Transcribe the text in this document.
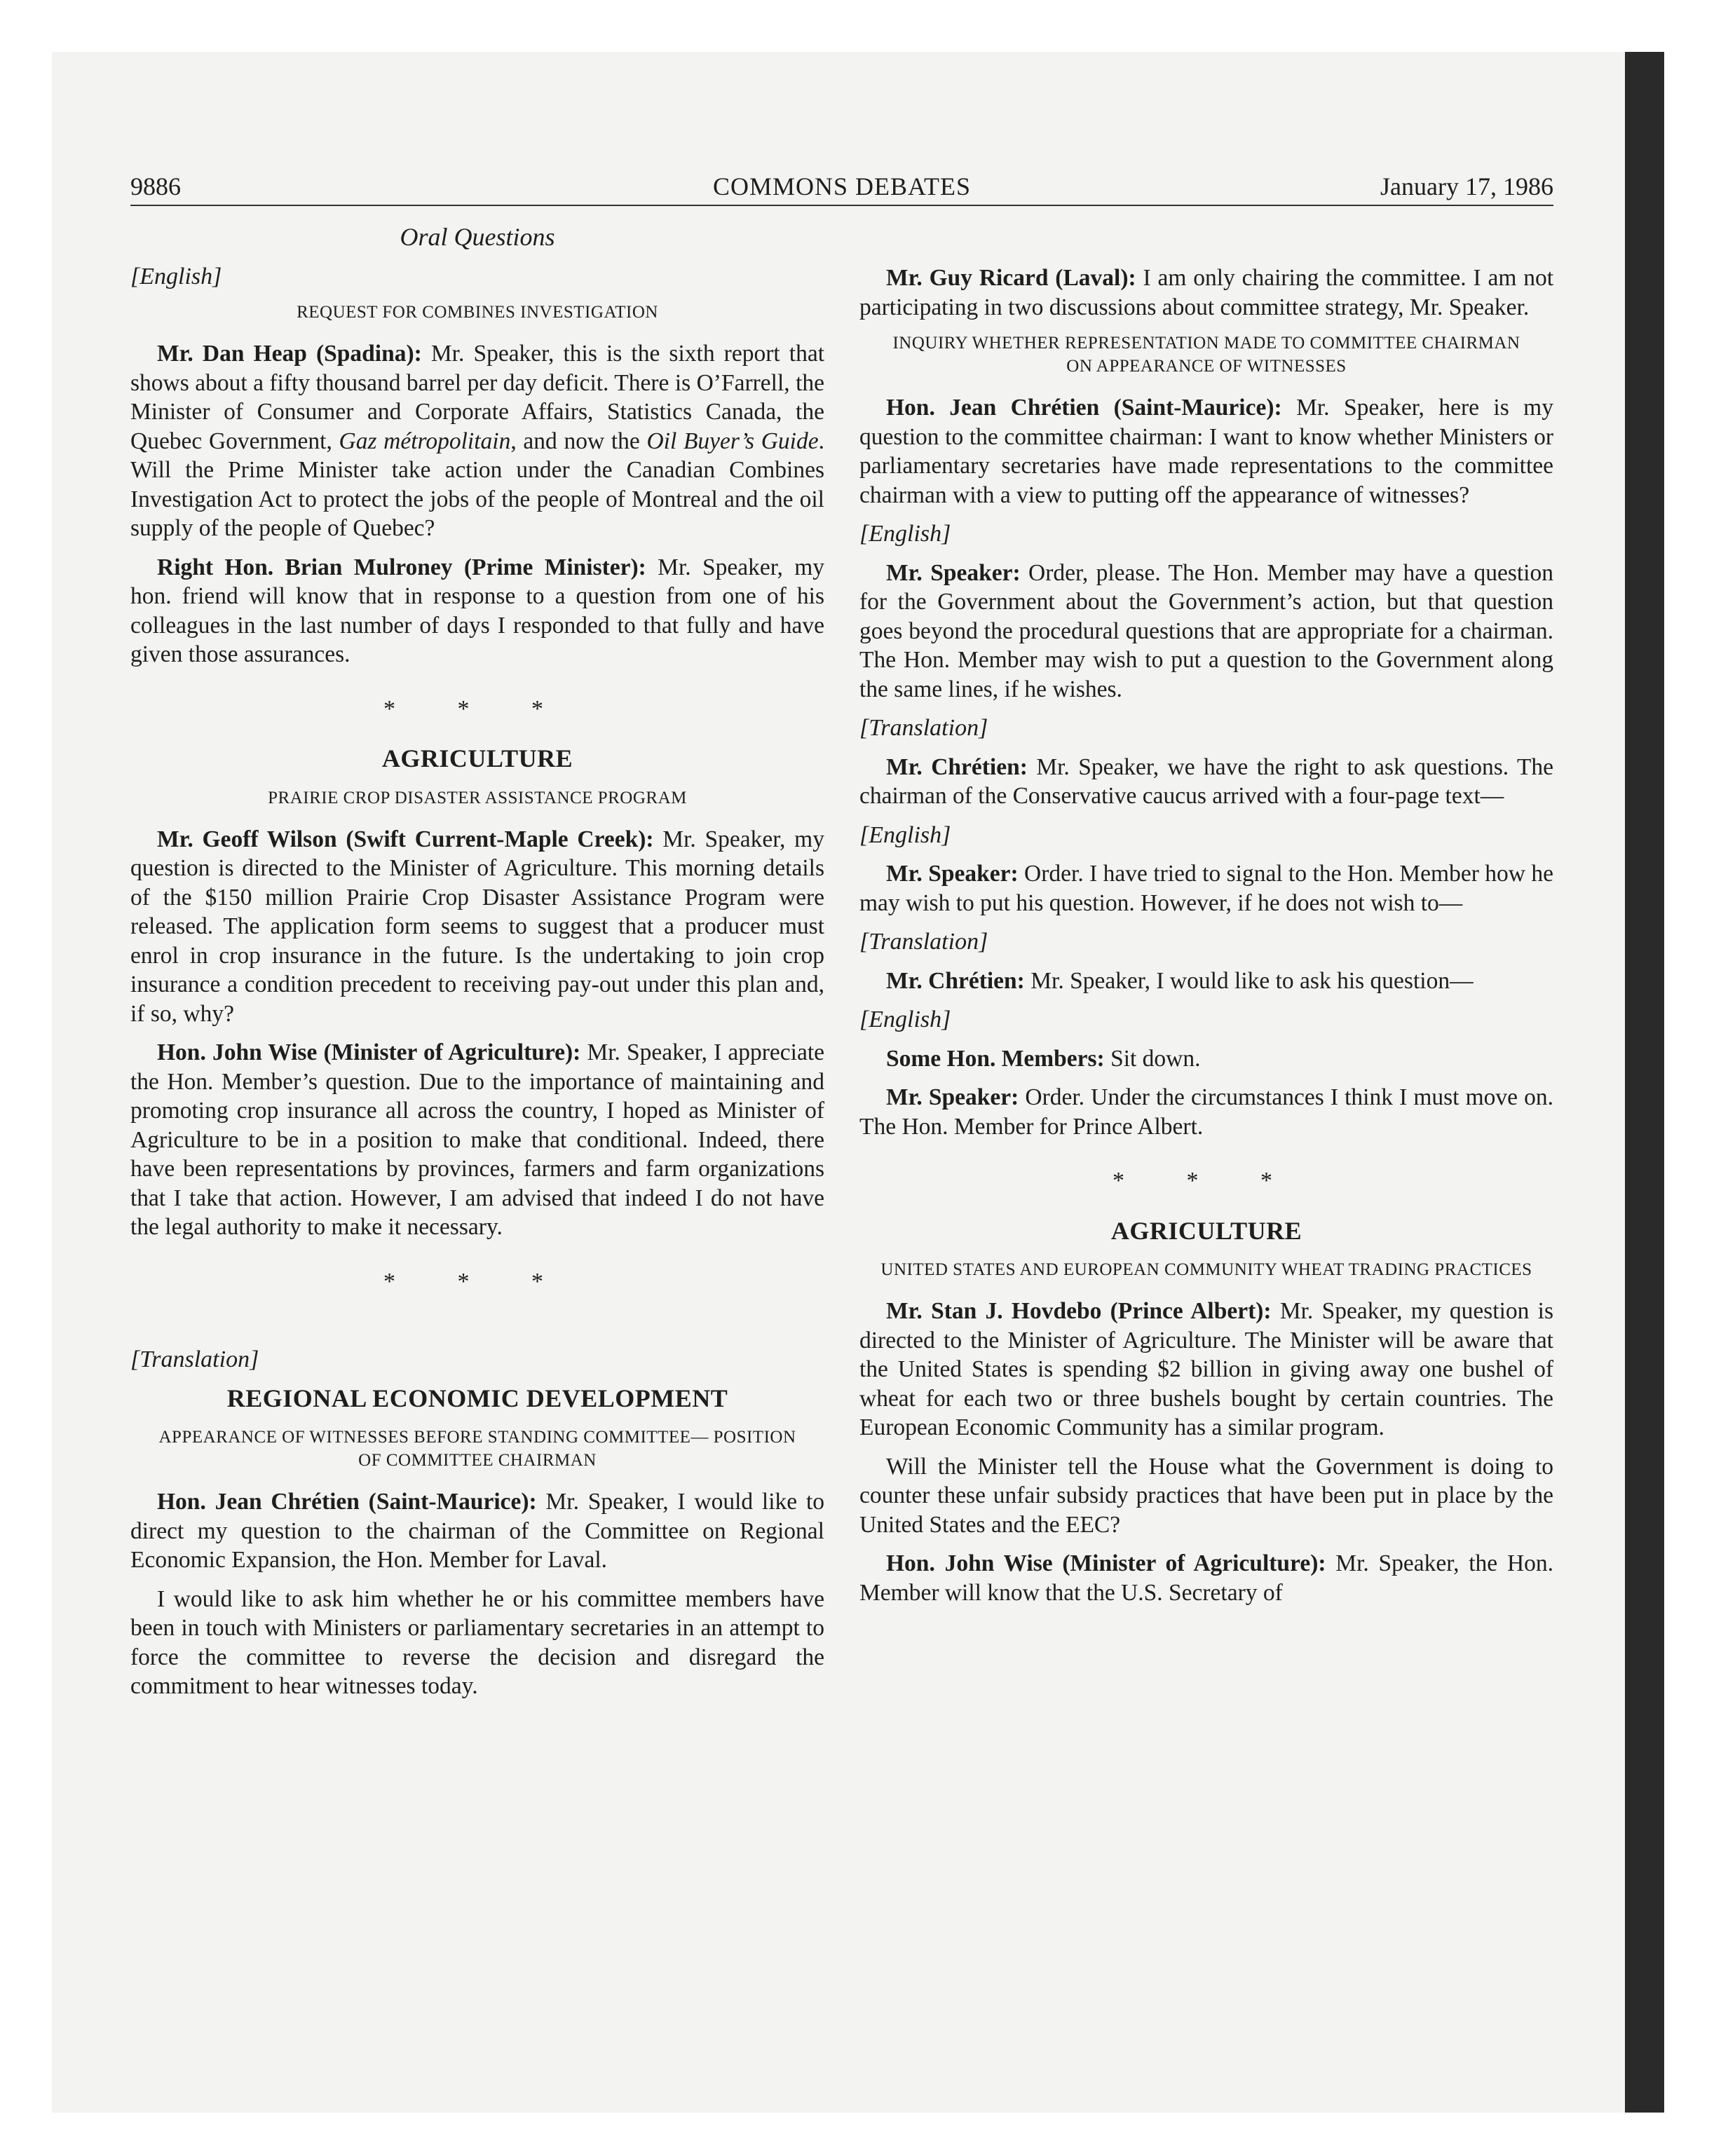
9886	COMMONS DEBATES	January 17, 1986
Oral Questions
[English]
REQUEST FOR COMBINES INVESTIGATION

Mr. Dan Heap (Spadina): Mr. Speaker, this is the sixth report that shows about a fifty thousand barrel per day deficit. There is O’Farrell, the Minister of Consumer and Corporate Affairs, Statistics Canada, the Quebec Government, Gaz métropolitain, and now the Oil Buyer’s Guide. Will the Prime Minister take action under the Canadian Combines Investigation Act to protect the jobs of the people of Montreal and the oil supply of the people of Quebec?

Right Hon. Brian Mulroney (Prime Minister): Mr. Speaker, my hon. friend will know that in response to a question from one of his colleagues in the last number of days I responded to that fully and have given those assurances.

* * *
AGRICULTURE
PRAIRIE CROP DISASTER ASSISTANCE PROGRAM

Mr. Geoff Wilson (Swift Current-Maple Creek): Mr. Speaker, my question is directed to the Minister of Agriculture. This morning details of the $150 million Prairie Crop Disaster Assistance Program were released. The application form seems to suggest that a producer must enrol in crop insurance in the future. Is the undertaking to join crop insurance a condition precedent to receiving pay-out under this plan and, if so, why?

Hon. John Wise (Minister of Agriculture): Mr. Speaker, I appreciate the Hon. Member’s question. Due to the importance of maintaining and promoting crop insurance all across the country, I hoped as Minister of Agriculture to be in a position to make that conditional. Indeed, there have been representations by provinces, farmers and farm organizations that I take that action. However, I am advised that indeed I do not have the legal authority to make it necessary.

* * *
[Translation]
REGIONAL ECONOMIC DEVELOPMENT
APPEARANCE OF WITNESSES BEFORE STANDING COMMITTEE— POSITION OF COMMITTEE CHAIRMAN

Hon. Jean Chrétien (Saint-Maurice): Mr. Speaker, I would like to direct my question to the chairman of the Committee on Regional Economic Expansion, the Hon. Member for Laval.

I would like to ask him whether he or his committee members have been in touch with Ministers or parliamentary secretaries in an attempt to force the committee to reverse the decision and disregard the commitment to hear witnesses today.

Mr. Guy Ricard (Laval): I am only chairing the committee. I am not participating in two discussions about committee strategy, Mr. Speaker.

INQUIRY WHETHER REPRESENTATION MADE TO COMMITTEE CHAIRMAN ON APPEARANCE OF WITNESSES

Hon. Jean Chrétien (Saint-Maurice): Mr. Speaker, here is my question to the committee chairman: I want to know whether Ministers or parliamentary secretaries have made representations to the committee chairman with a view to putting off the appearance of witnesses?

[English]

Mr. Speaker: Order, please. The Hon. Member may have a question for the Government about the Government’s action, but that question goes beyond the procedural questions that are appropriate for a chairman. The Hon. Member may wish to put a question to the Government along the same lines, if he wishes.

[Translation]

Mr. Chrétien: Mr. Speaker, we have the right to ask questions. The chairman of the Conservative caucus arrived with a four-page text—

[English]

Mr. Speaker: Order. I have tried to signal to the Hon. Member how he may wish to put his question. However, if he does not wish to—

[Translation]

Mr. Chrétien: Mr. Speaker, I would like to ask his question—

[English]

Some Hon. Members: Sit down.

Mr. Speaker: Order. Under the circumstances I think I must move on. The Hon. Member for Prince Albert.

* * *
AGRICULTURE
UNITED STATES AND EUROPEAN COMMUNITY WHEAT TRADING PRACTICES

Mr. Stan J. Hovdebo (Prince Albert): Mr. Speaker, my question is directed to the Minister of Agriculture. The Minister will be aware that the United States is spending $2 billion in giving away one bushel of wheat for each two or three bushels bought by certain countries. The European Economic Community has a similar program.

Will the Minister tell the House what the Government is doing to counter these unfair subsidy practices that have been put in place by the United States and the EEC?

Hon. John Wise (Minister of Agriculture): Mr. Speaker, the Hon. Member will know that the U.S. Secretary of
